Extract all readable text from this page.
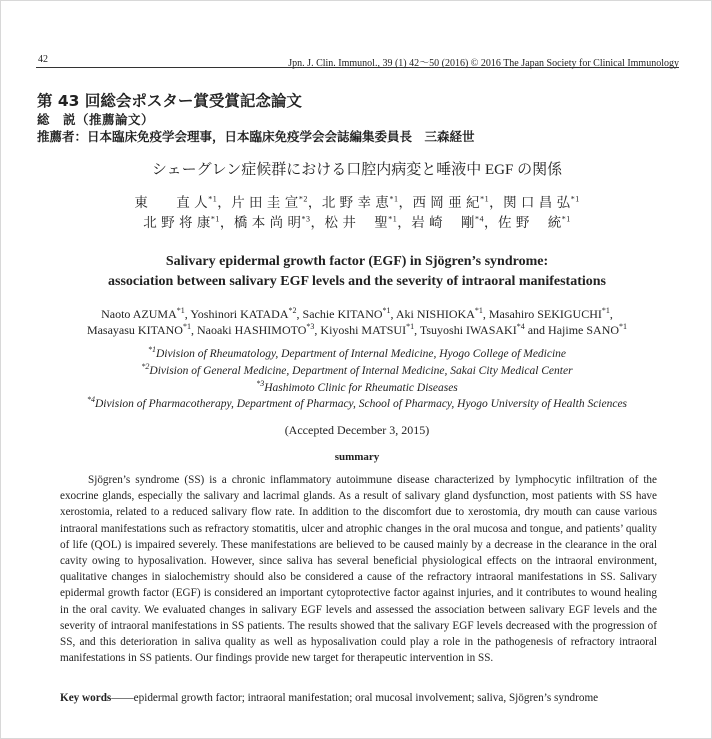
42	Jpn. J. Clin. Immunol., 39 (1) 42～50 (2016) © 2016 The Japan Society for Clinical Immunology
第 43 回総会ポスター賞受賞記念論文
総　説（推薦論文）
推薦者：日本臨床免疫学会理事，日本臨床免疫学会会誌編集委員長　三森経世
シェーグレン症候群における口腔内病変と唾液中 EGF の関係
東　　直 人$^{*1}$，片 田 圭 宣$^{*2}$，北 野 幸 恵$^{*1}$，西 岡 亜 紀$^{*1}$，関 口 昌 弘$^{*1}$
北 野 将 康$^{*1}$，橋 本 尚 明$^{*3}$，松 井　 聖$^{*1}$，岩 崎　 剛$^{*4}$，佐 野　 統$^{*1}$
Salivary epidermal growth factor (EGF) in Sjögren’s syndrome:
association between salivary EGF levels and the severity of intraoral manifestations
Naoto AZUMA$^{*1}$, Yoshinori KATADA$^{*2}$, Sachie KITANO$^{*1}$, Aki NISHIOKA$^{*1}$, Masahiro SEKIGUCHI$^{*1}$,
Masayasu KITANO$^{*1}$, Naoaki HASHIMOTO$^{*3}$, Kiyoshi MATSUI$^{*1}$, Tsuyoshi IWASAKI$^{*4}$ and Hajime SANO$^{*1}$
$^{*1}$Division of Rheumatology, Department of Internal Medicine, Hyogo College of Medicine
$^{*2}$Division of General Medicine, Department of Internal Medicine, Sakai City Medical Center
$^{*3}$Hashimoto Clinic for Rheumatic Diseases
$^{*4}$Division of Pharmacotherapy, Department of Pharmacy, School of Pharmacy, Hyogo University of Health Sciences
(Accepted December 3, 2015)
summary
Sjögren’s syndrome (SS) is a chronic inflammatory autoimmune disease characterized by lymphocytic infiltration of the exocrine glands, especially the salivary and lacrimal glands. As a result of salivary gland dysfunction, most patients with SS have xerostomia, related to a reduced salivary flow rate. In addition to the discomfort due to xerostomia, dry mouth can cause various intraoral manifestations such as refractory stomatitis, ulcer and atrophic changes in the oral mucosa and tongue, and patients’ quality of life (QOL) is impaired severely. These manifestations are believed to be caused mainly by a decrease in the clearance in the oral cavity owing to hyposalivation. However, since saliva has several beneficial physiological effects on the intraoral environment, qualitative changes in sialochemistry should also be considered a cause of the refractory intraoral manifestations in SS. Salivary epidermal growth factor (EGF) is considered an important cytoprotective factor against injuries, and it contributes to wound healing in the oral cavity. We evaluated changes in salivary EGF levels and assessed the association between salivary EGF levels and the severity of intraoral manifestations in SS patients. The results showed that the salivary EGF levels decreased with the progression of SS, and this deterioration in saliva quality as well as hyposalivation could play a role in the pathogenesis of refractory intraoral manifestations in SS patients. Our findings provide new target for therapeutic intervention in SS.
Key words――epidermal growth factor; intraoral manifestation; oral mucosal involvement; saliva, Sjögren’s syndrome
